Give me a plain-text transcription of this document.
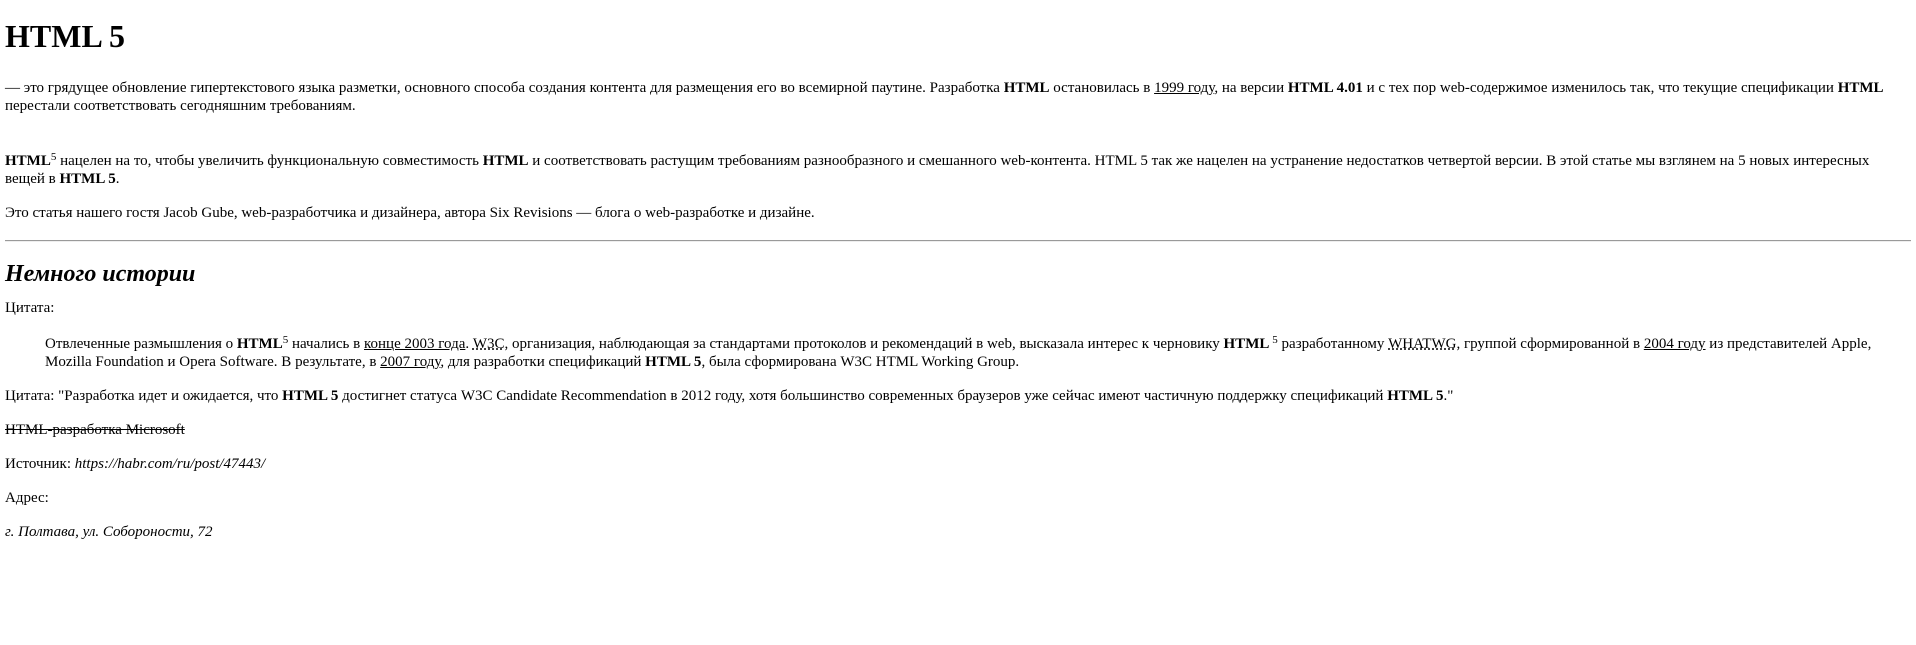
HTML 5

— это грядущее обновление гипертекстового языка разметки, основного способа создания контента для размещения его во всемирной паутине. Разработка HTML остановилась в 1999 году, на версии HTML 4.01 и с тех пор web-содержимое изменилось так, что текущие спецификации HTML перестали соответствовать сегодняшним требованиям.

HTML$^5$ нацелен на то, чтобы увеличить функциональную совместимость HTML и соответствовать растущим требованиям разнообразного и смешанного web-контента. HTML 5 так же нацелен на устранение недостатков четвертой версии. В этой статье мы взглянем на 5 новых интересных вещей в HTML 5.

Это статья нашего гостя Jacob Gube, web-разработчика и дизайнера, автора Six Revisions — блога о web-разработке и дизайне.

Немного истории

Цитата:

Отвлеченные размышления о HTML$^5$ начались в конце 2003 года. W3C, организация, наблюдающая за стандартами протоколов и рекомендаций в web, высказала интерес к черновику HTML $^5$ разработанному WHATWG, группой сформированной в 2004 году из представителей Apple, Mozilla Foundation и Opera Software. В результате, в 2007 году, для разработки спецификаций HTML 5, была сформирована W3C HTML Working Group.

Цитата: "Разработка идет и ожидается, что HTML 5 достигнет статуса W3C Candidate Recommendation в 2012 году, хотя большинство современных браузеров уже сейчас имеют частичную поддержку спецификаций HTML 5."

HTML-разработка Microsoft

Источник: https://habr.com/ru/post/47443/

Адрес:

г. Полтава, ул. Собороности, 72
